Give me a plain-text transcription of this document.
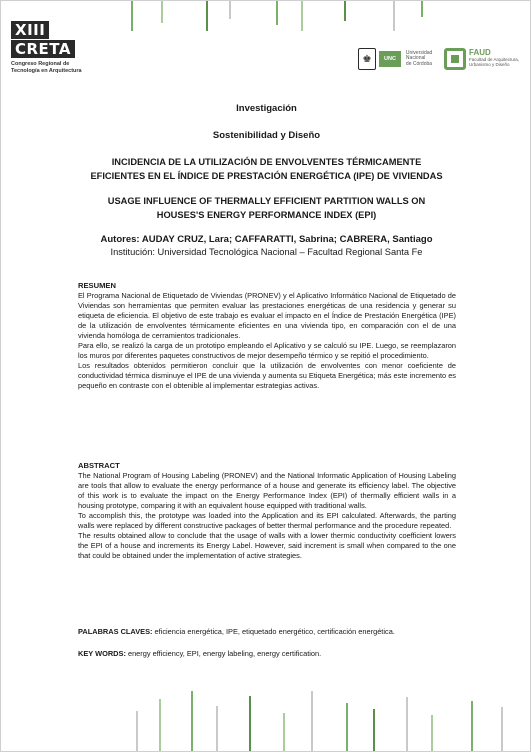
XIII
CRETA
Congreso Regional de
Tecnología en Arquitectura
♚	UNC
Universidad
Nacional
de Córdoba
FAUD
Facultad de Arquitectura,
Urbanismo y Diseño
Investigación
Sostenibilidad y Diseño
INCIDENCIA DE LA UTILIZACIÓN DE ENVOLVENTES TÉRMICAMENTE
EFICIENTES EN EL ÍNDICE DE PRESTACIÓN ENERGÉTICA (IPE) DE VIVIENDAS
USAGE INFLUENCE OF THERMALLY EFFICIENT PARTITION WALLS ON
HOUSES'S ENERGY PERFORMANCE INDEX (EPI)
Autores: AUDAY CRUZ, Lara; CAFFARATTI, Sabrina; CABRERA, Santiago
Institución: Universidad Tecnológica Nacional – Facultad Regional Santa Fe
RESUMEN

El Programa Nacional de Etiquetado de Viviendas (PRONEV) y el Aplicativo Informático Nacional de Etiquetado de Viviendas son herramientas que permiten evaluar las prestaciones energéticas de una residencia y generar su etiqueta de eficiencia. El objetivo de este trabajo es evaluar el impacto en el Índice de Prestación Energética (IPE) de la utilización de envolventes térmicamente eficientes en una vivienda tipo, en comparación con el de una vivienda homóloga de cerramientos tradicionales.

Para ello, se realizó la carga de un prototipo empleando el Aplicativo y se calculó su IPE. Luego, se reemplazaron los muros por diferentes paquetes constructivos de mejor desempeño térmico y se repitió el procedimiento.

Los resultados obtenidos permitieron concluir que la utilización de envolventes con menor coeficiente de conductividad térmica disminuye el IPE de una vivienda y aumenta su Etiqueta Energética; más este incremento es pequeño en contraste con el obtenible al implementar estrategias activas.

ABSTRACT

The National Program of Housing Labeling (PRONEV) and the National Informatic Application of Housing Labeling are tools that allow to evaluate the energy performance of a house and generate its efficiency label. The objective of this work is to evaluate the impact on the Energy Performance Index (EPI) of thermally efficient walls in a housing prototype, comparing it with an equivalent house equipped with traditional walls.

To accomplish this, the prototype was loaded into the Application and its EPI calculated. Afterwards, the parting walls were replaced by different constructive packages of better thermal performance and the procedure repeated.

The results obtained allow to conclude that the usage of walls with a lower thermic conductivity coefficient lowers the EPI of a house and increments its Energy Label. However, said increment is small when compared to the one that could be obtained under the implementation of active strategies.

PALABRAS CLAVES: eficiencia energética, IPE, etiquetado energético, certificación energética.
KEY WORDS: energy efficiency, EPI, energy labeling, energy certification.
